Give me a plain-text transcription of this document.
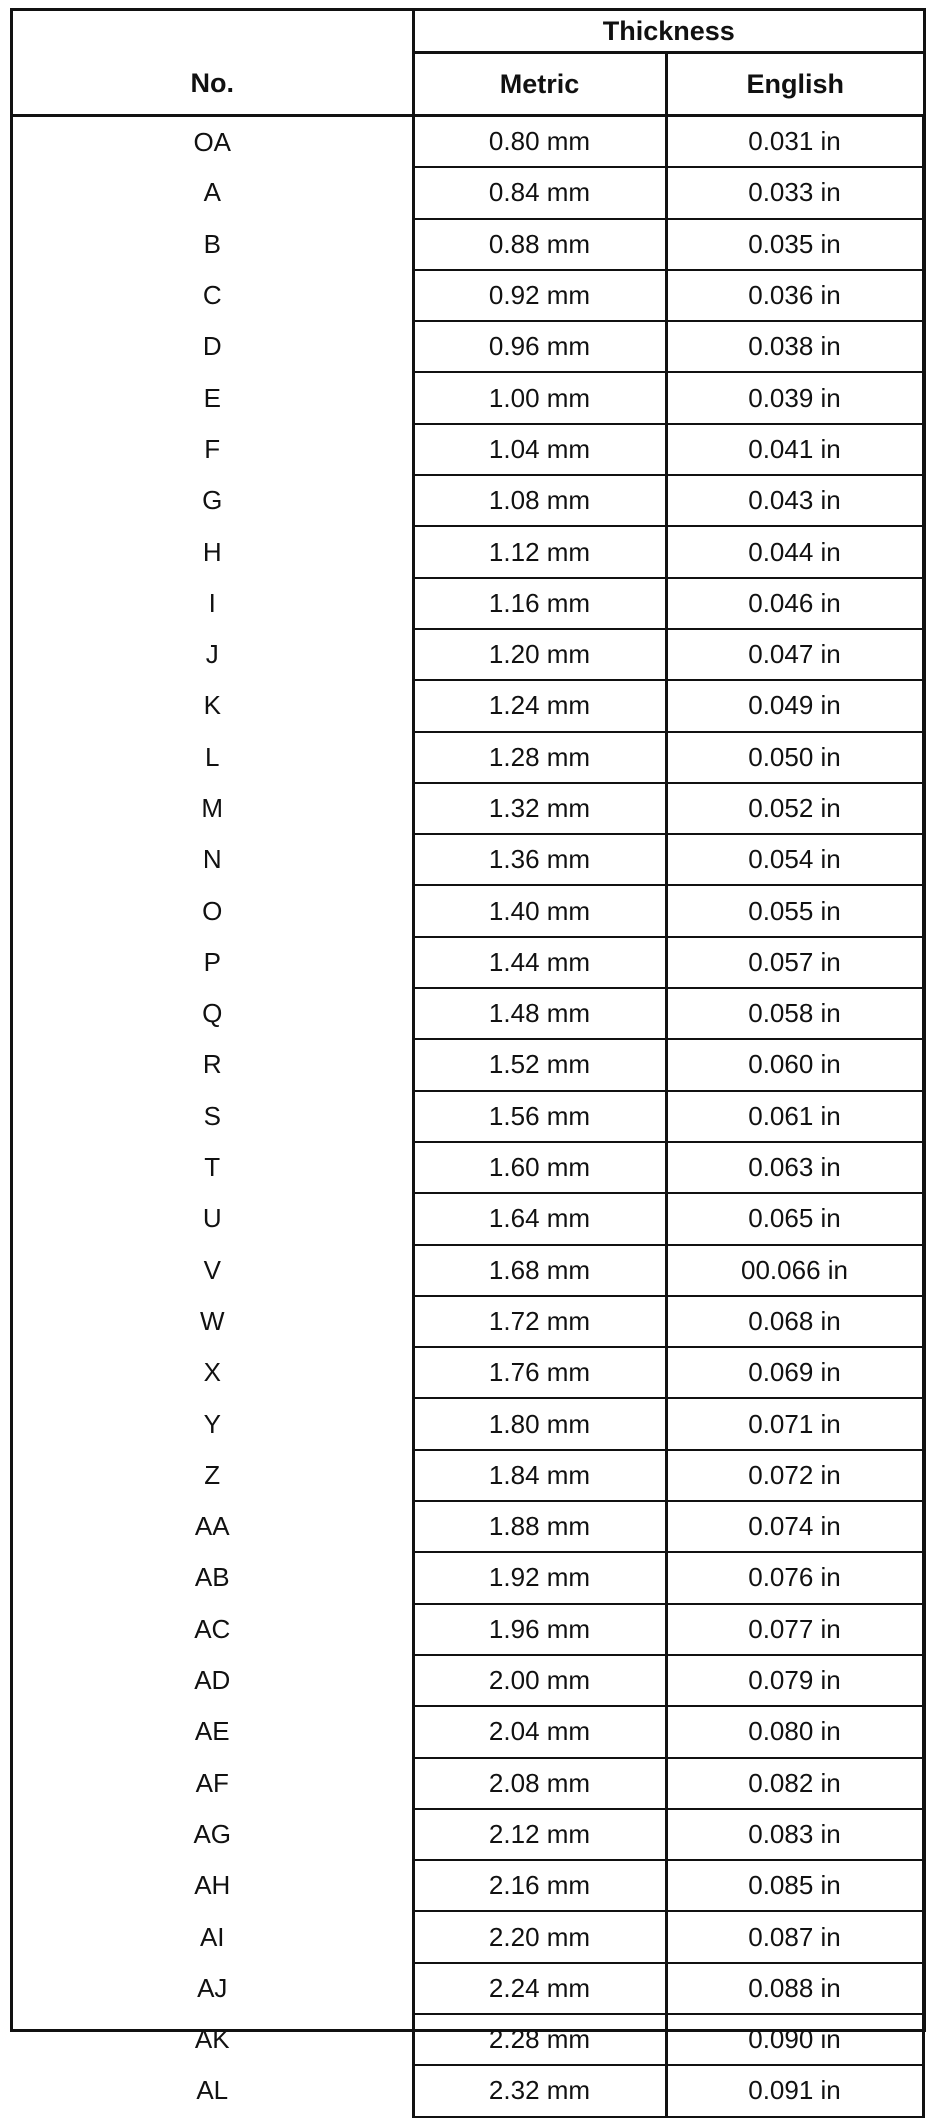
	Thickness	
No.	Metric	English
OA	0.80 mm	0.031 in
A	0.84 mm	0.033 in
B	0.88 mm	0.035 in
C	0.92 mm	0.036 in
D	0.96 mm	0.038 in
E	1.00 mm	0.039 in
F	1.04 mm	0.041 in
G	1.08 mm	0.043 in
H	1.12 mm	0.044 in
I	1.16 mm	0.046 in
J	1.20 mm	0.047 in
K	1.24 mm	0.049 in
L	1.28 mm	0.050 in
M	1.32 mm	0.052 in
N	1.36 mm	0.054 in
O	1.40 mm	0.055 in
P	1.44 mm	0.057 in
Q	1.48 mm	0.058 in
R	1.52 mm	0.060 in
S	1.56 mm	0.061 in
T	1.60 mm	0.063 in
U	1.64 mm	0.065 in
V	1.68 mm	00.066 in
W	1.72 mm	0.068 in
X	1.76 mm	0.069 in
Y	1.80 mm	0.071 in
Z	1.84 mm	0.072 in
AA	1.88 mm	0.074 in
AB	1.92 mm	0.076 in
AC	1.96 mm	0.077 in
AD	2.00 mm	0.079 in
AE	2.04 mm	0.080 in
AF	2.08 mm	0.082 in
AG	2.12 mm	0.083 in
AH	2.16 mm	0.085 in
AI	2.20 mm	0.087 in
AJ	2.24 mm	0.088 in
AK	2.28 mm	0.090 in
AL	2.32 mm	0.091 in
